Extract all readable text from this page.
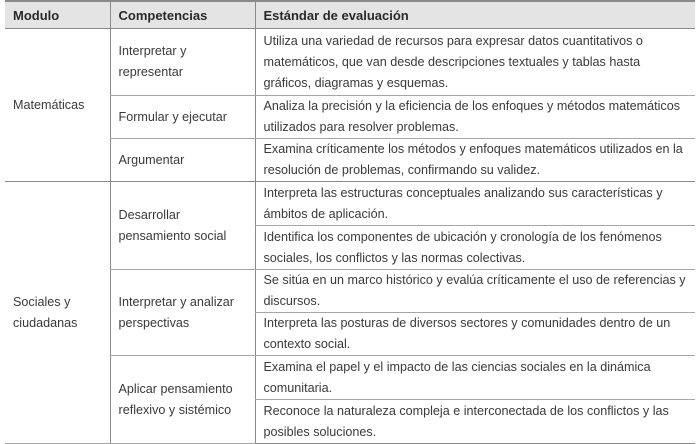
Modulo	Competencias	Estándar de evaluación
Matemáticas	Interpretar y representar	Utiliza una variedad de recursos para expresar datos cuantitativos o matemáticos, que van desde descripciones textuales y tablas hasta gráficos, diagramas y esquemas.
	Formular y ejecutar	Analiza la precisión y la eficiencia de los enfoques y métodos matemáticos utilizados para resolver problemas.
	Argumentar	Examina críticamente los métodos y enfoques matemáticos utilizados en la resolución de problemas, confirmando su validez.
Sociales y ciudadanas	Desarrollar pensamiento social	Interpreta las estructuras conceptuales analizando sus características y ámbitos de aplicación.
		Identifica los componentes de ubicación y cronología de los fenómenos sociales, los conflictos y las normas colectivas.
	Interpretar y analizar perspectivas	Se sitúa en un marco histórico y evalúa críticamente el uso de referencias y discursos.
		Interpreta las posturas de diversos sectores y comunidades dentro de un contexto social.
	Aplicar pensamiento reflexivo y sistémico	Examina el papel y el impacto de las ciencias sociales en la dinámica comunitaria.
		Reconoce la naturaleza compleja e interconectada de los conflictos y las posibles soluciones.
